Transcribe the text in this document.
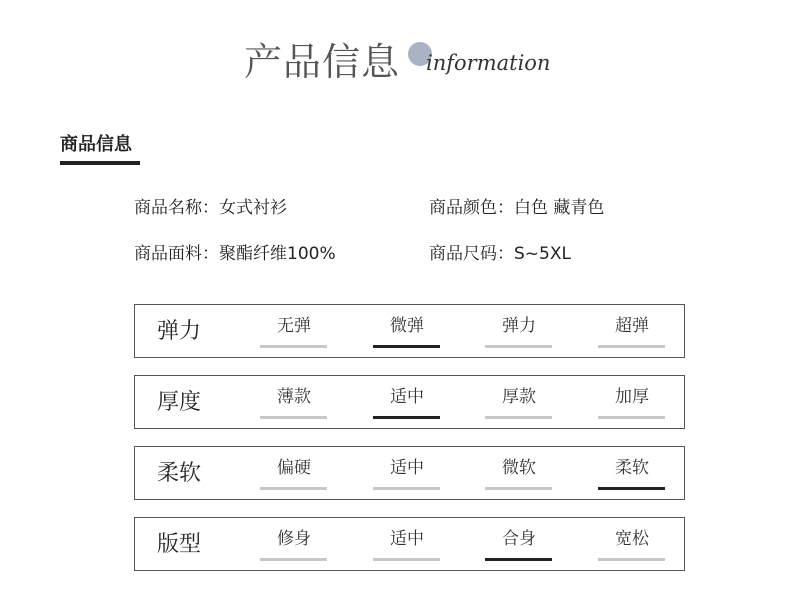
产品信息 information
商品信息
商品名称：女式衬衫	商品颜色：白色 藏青色
商品面料：聚酯纤维100%	商品尺码：S~5XL
弹力	无弹	微弹	弹力	超弹
厚度	薄款	适中	厚款	加厚
柔软	偏硬	适中	微软	柔软
版型	修身	适中	合身	宽松
